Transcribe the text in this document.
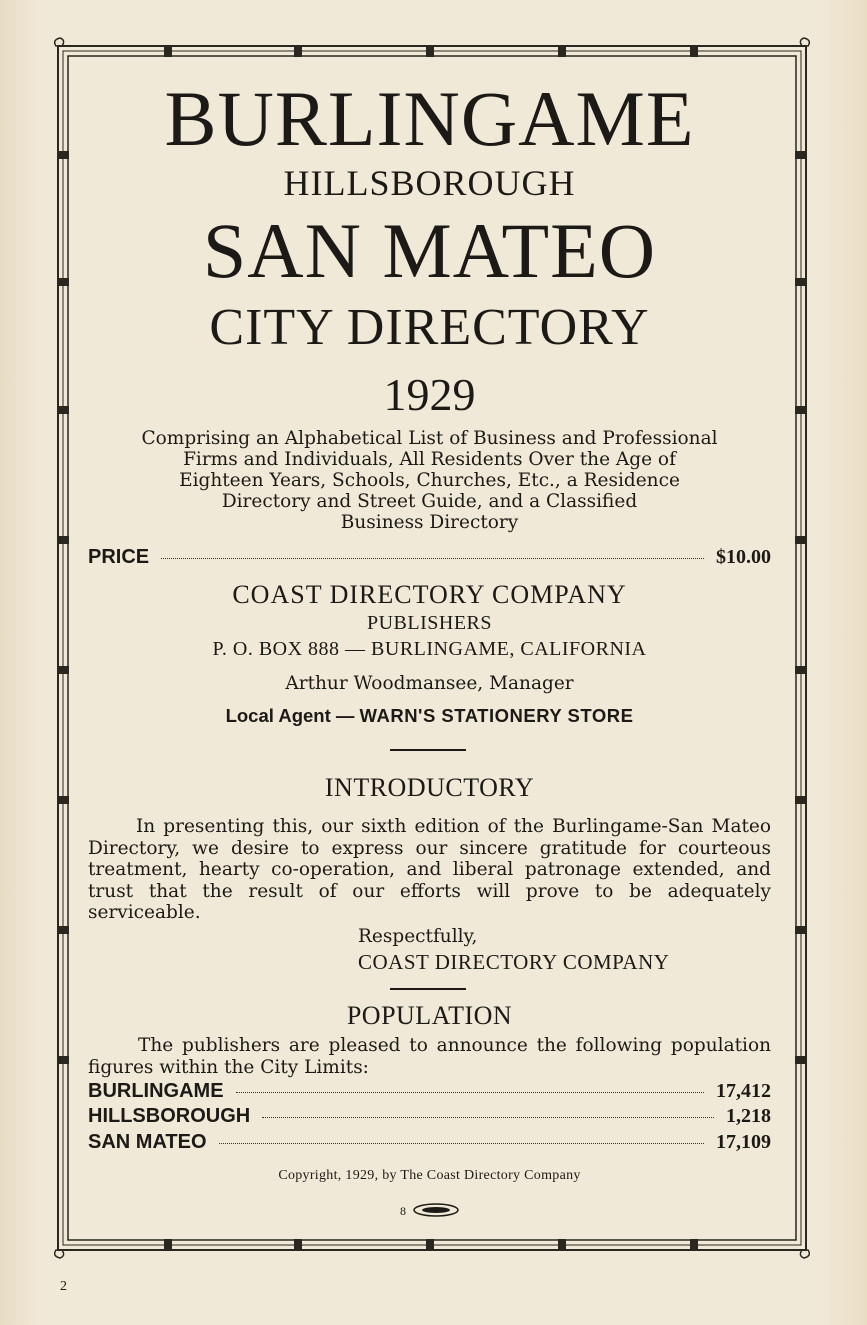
BURLINGAME
HILLSBOROUGH
SAN MATEO
CITY DIRECTORY
1929
Comprising an Alphabetical List of Business and Professional
Firms and Individuals, All Residents Over the Age of
Eighteen Years, Schools, Churches, Etc., a Residence
Directory and Street Guide, and a Classified
Business Directory
PRICE	$10.00
COAST DIRECTORY COMPANY
PUBLISHERS
P. O. BOX 888 — BURLINGAME, CALIFORNIA
Arthur Woodmansee, Manager
Local Agent — WARN'S STATIONERY STORE
INTRODUCTORY
In presenting this, our sixth edition of the Burlingame-San Mateo Directory, we desire to express our sincere gratitude for courteous treatment, hearty co-operation, and liberal patronage extended, and trust that the result of our efforts will prove to be adequately serviceable.
Respectfully,
COAST DIRECTORY COMPANY
POPULATION
The publishers are pleased to announce the following population figures within the City Limits:
BURLINGAME	17,412
HILLSBOROUGH	1,218
SAN MATEO	17,109
Copyright, 1929, by The Coast Directory Company
8
2
